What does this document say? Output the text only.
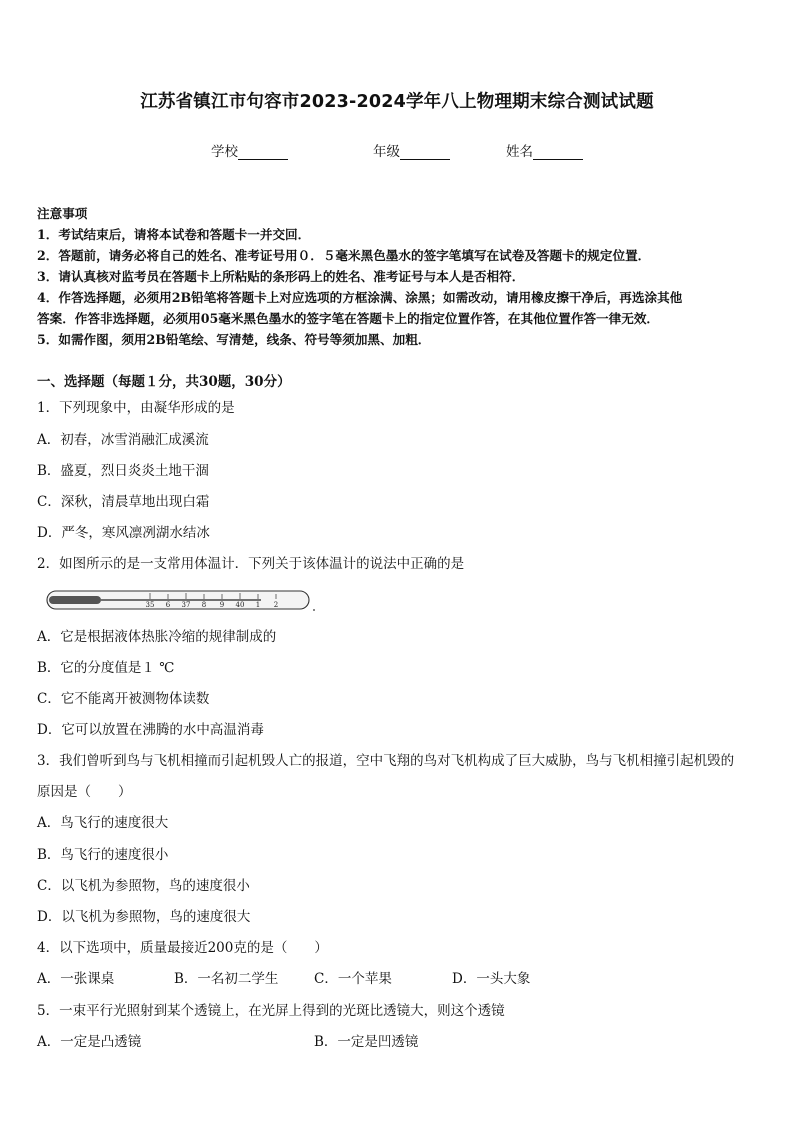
江苏省镇江市句容市2023-2024学年八上物理期末综合测试试题
学校	年级	姓名
注意事项
1．考试结束后，请将本试卷和答题卡一并交回．
2．答题前，请务必将自己的姓名、准考证号用０．５毫米黑色墨水的签字笔填写在试卷及答题卡的规定位置．
3．请认真核对监考员在答题卡上所粘贴的条形码上的姓名、准考证号与本人是否相符．
4．作答选择题，必须用2B铅笔将答题卡上对应选项的方框涂满、涂黑；如需改动，请用橡皮擦干净后，再选涂其他
答案．作答非选择题，必须用05毫米黑色墨水的签字笔在答题卡上的指定位置作答，在其他位置作答一律无效．
5．如需作图，须用2B铅笔绘、写清楚，线条、符号等须加黑、加粗．
一、选择题（每题１分，共30题，30分）
1．下列现象中，由凝华形成的是
A．初春，冰雪消融汇成溪流
B．盛夏，烈日炎炎土地干涸
C．深秋，清晨草地出现白霜
D．严冬，寒风凛冽湖水结冰
2．如图所示的是一支常用体温计．下列关于该体温计的说法中正确的是
35 6 37 8 9 40 1 2
A．它是根据液体热胀冷缩的规律制成的
B．它的分度值是１ ℃
C．它不能离开被测物体读数
D．它可以放置在沸腾的水中高温消毒
3．我们曾听到鸟与飞机相撞而引起机毁人亡的报道，空中飞翔的鸟对飞机构成了巨大威胁，鸟与飞机相撞引起机毁的
原因是（　　）
A．鸟飞行的速度很大
B．鸟飞行的速度很小
C．以飞机为参照物，鸟的速度很小
D．以飞机为参照物，鸟的速度很大
4．以下选项中，质量最接近200克的是（　　）
A．一张课桌	B．一名初二学生	C．一个苹果	D．一头大象
5．一束平行光照射到某个透镜上，在光屏上得到的光斑比透镜大，则这个透镜
A．一定是凸透镜	B．一定是凹透镜
